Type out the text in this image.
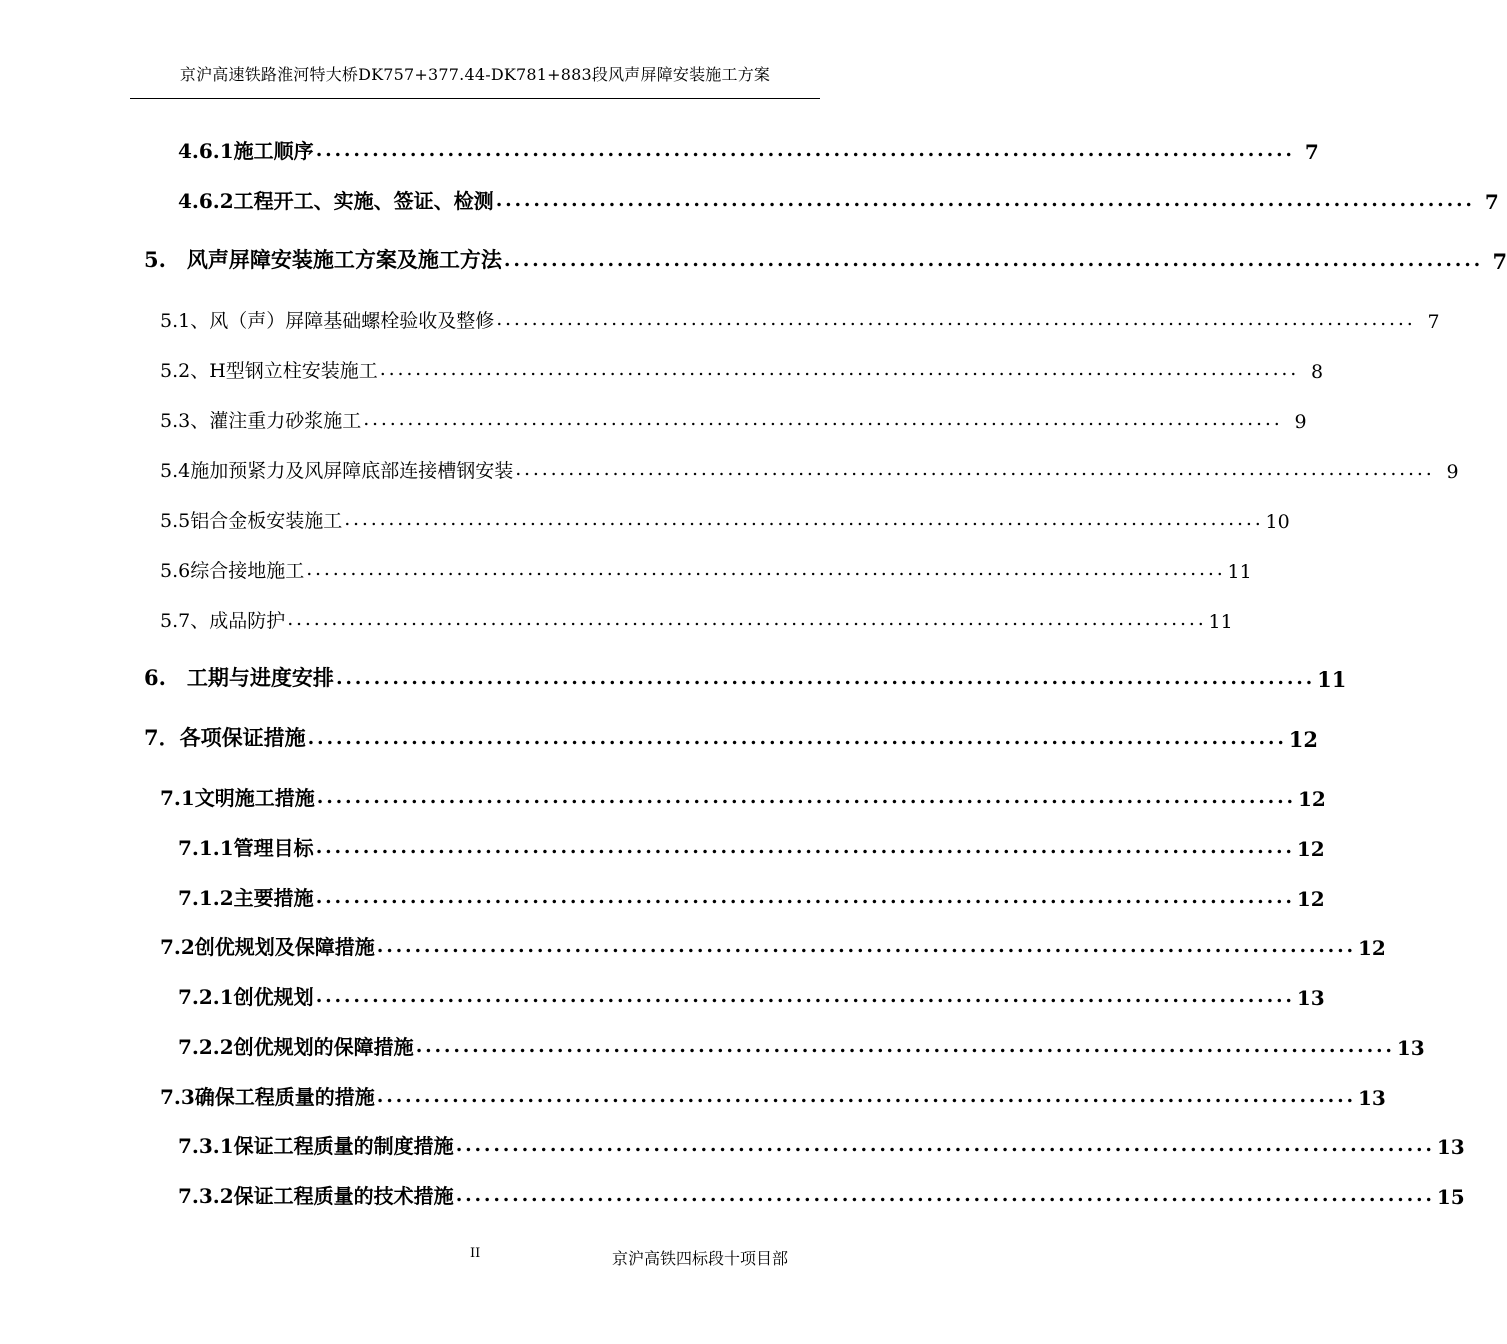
京沪高速铁路淮河特大桥DK757+377.44-DK781+883段风声屏障安装施工方案
4.6.1施工顺序 ........................................................................................................ 7
4.6.2工程开工、实施、签证、检测 ........................................................................................................ 7
5.　风声屏障安装施工方案及施工方法 ........................................................................................................ 7
5.1、风（声）屏障基础螺栓验收及整修 ........................................................................................................ 7
5.2、H型钢立柱安装施工 ........................................................................................................ 8
5.3、灌注重力砂浆施工 ........................................................................................................ 9
5.4施加预紧力及风屏障底部连接槽钢安装 ........................................................................................................ 9
5.5铝合金板安装施工 ........................................................................................................ 10
5.6综合接地施工 ........................................................................................................ 11
5.7、成品防护 ........................................................................................................ 11
6.　工期与进度安排 ........................................................................................................ 11
7．各项保证措施 ........................................................................................................ 12
7.1文明施工措施 ........................................................................................................ 12
7.1.1管理目标 ........................................................................................................ 12
7.1.2主要措施 ........................................................................................................ 12
7.2创优规划及保障措施 ........................................................................................................ 12
7.2.1创优规划 ........................................................................................................ 13
7.2.2创优规划的保障措施 ........................................................................................................ 13
7.3确保工程质量的措施 ........................................................................................................ 13
7.3.1保证工程质量的制度措施 ........................................................................................................ 13
7.3.2保证工程质量的技术措施 ........................................................................................................ 15
II	京沪高铁四标段十项目部
